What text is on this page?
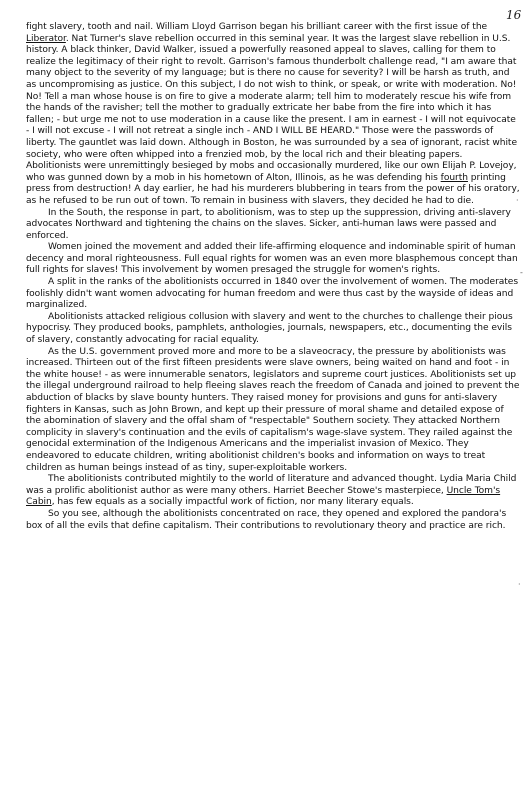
16

fight slavery, tooth and nail. William Lloyd Garrison began his brilliant career with the first issue of the Liberator. Nat Turner's slave rebellion occurred in this seminal year. It was the largest slave rebellion in U.S. history. A black thinker, David Walker, issued a powerfully reasoned appeal to slaves, calling for them to realize the legitimacy of their right to revolt. Garrison's famous thunderbolt challenge read, "I am aware that many object to the severity of my language; but is there no cause for severity? I will be harsh as truth, and as uncompromising as justice. On this subject, I do not wish to think, or speak, or write with moderation. No! No! Tell a man whose house is on fire to give a moderate alarm; tell him to moderately rescue his wife from the hands of the ravisher; tell the mother to gradually extricate her babe from the fire into which it has fallen; - but urge me not to use moderation in a cause like the present. I am in earnest - I will not equivocate - I will not excuse - I will not retreat a single inch - AND I WILL BE HEARD." Those were the passwords of liberty. The gauntlet was laid down. Although in Boston, he was surrounded by a sea of ignorant, racist white society, who were often whipped into a frenzied mob, by the local rich and their bleating papers. Abolitionists were unremittingly besieged by mobs and occasionally murdered, like our own Elijah P. Lovejoy, who was gunned down by a mob in his hometown of Alton, Illinois, as he was defending his fourth printing press from destruction! A day earlier, he had his murderers blubbering in tears from the power of his oratory, as he refused to be run out of town. To remain in business with slavers, they decided he had to die.

In the South, the response in part, to abolitionism, was to step up the suppression, driving anti-slavery advocates Northward and tightening the chains on the slaves. Sicker, anti-human laws were passed and enforced.

Women joined the movement and added their life-affirming eloquence and indominable spirit of human decency and moral righteousness. Full equal rights for women was an even more blasphemous concept than full rights for slaves! This involvement by women presaged the struggle for women's rights.

A split in the ranks of the abolitionists occurred in 1840 over the involvement of women. The moderates foolishly didn't want women advocating for human freedom and were thus cast by the wayside of ideas and marginalized.

Abolitionists attacked religious collusion with slavery and went to the churches to challenge their pious hypocrisy. They produced books, pamphlets, anthologies, journals, newspapers, etc., documenting the evils of slavery, constantly advocating for racial equality.

As the U.S. government proved more and more to be a slaveocracy, the pressure by abolitionists was increased. Thirteen out of the first fifteen presidents were slave owners, being waited on hand and foot - in the white house! - as were innumerable senators, legislators and supreme court justices. Abolitionists set up the illegal underground railroad to help fleeing slaves reach the freedom of Canada and joined to prevent the abduction of blacks by slave bounty hunters. They raised money for provisions and guns for anti-slavery fighters in Kansas, such as John Brown, and kept up their pressure of moral shame and detailed expose of the abomination of slavery and the offal sham of "respectable" Southern society. They attacked Northern complicity in slavery's continuation and the evils of capitalism's wage-slave system. They railed against the genocidal extermination of the Indigenous Americans and the imperialist invasion of Mexico. They endeavored to educate children, writing abolitionist children's books and information on ways to treat children as human beings instead of as tiny, super-exploitable workers.

The abolitionists contributed mightily to the world of literature and advanced thought. Lydia Maria Child was a prolific abolitionist author as were many others. Harriet Beecher Stowe's masterpiece, Uncle Tom's Cabin, has few equals as a socially impactful work of fiction, nor many literary equals.

So you see, although the abolitionists concentrated on race, they opened and explored the pandora's box of all the evils that define capitalism. Their contributions to revolutionary theory and practice are rich.

·
-
·
